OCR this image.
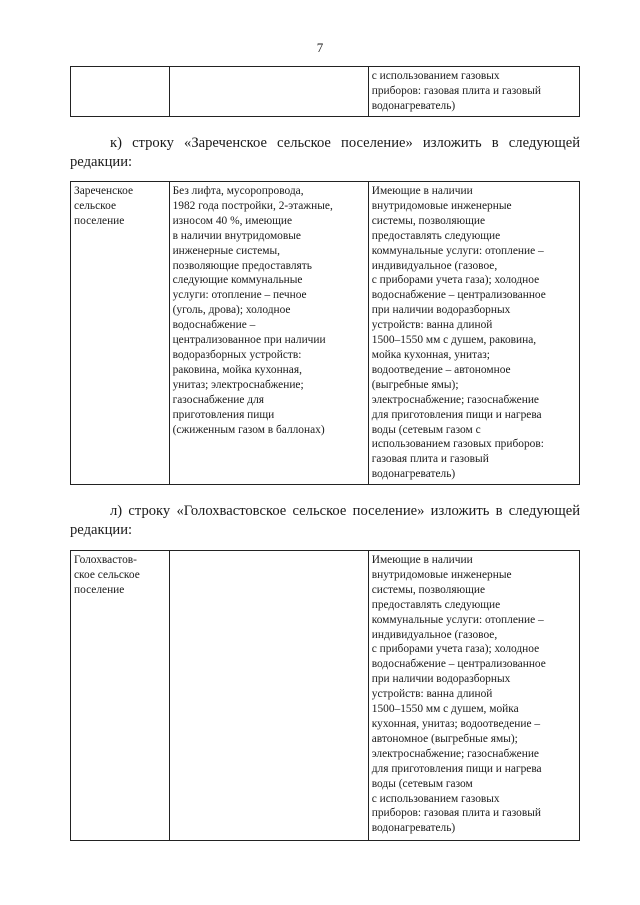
7
		с использованием газовых
приборов: газовая плита и газовый
водонагреватель)
к) строку «Зареченское сельское поселение» изложить в следующей
редакции:
Зареченское
сельское
поселение	Без лифта, мусоропровода,
1982 года постройки, 2-этажные,
износом 40 %, имеющие
в наличии внутридомовые
инженерные системы,
позволяющие предоставлять
следующие коммунальные
услуги: отопление – печное
(уголь, дрова); холодное
водоснабжение –
централизованное при наличии
водоразборных устройств:
раковина, мойка кухонная,
унитаз; электроснабжение;
газоснабжение для
приготовления пищи
(сжиженным газом в баллонах)	Имеющие в наличии
внутридомовые инженерные
системы, позволяющие
предоставлять следующие
коммунальные услуги: отопление –
индивидуальное (газовое,
с приборами учета газа); холодное
водоснабжение – централизованное
при наличии водоразборных
устройств: ванна длиной
1500–1550 мм с душем, раковина,
мойка кухонная, унитаз;
водоотведение – автономное
(выгребные ямы);
электроснабжение; газоснабжение
для приготовления пищи и нагрева
воды (сетевым газом с
использованием газовых приборов:
газовая плита и газовый
водонагреватель)
л) строку «Голохвастовское сельское поселение» изложить в следующей
редакции:
Голохвастов-
ское сельское
поселение		Имеющие в наличии
внутридомовые инженерные
системы, позволяющие
предоставлять следующие
коммунальные услуги: отопление –
индивидуальное (газовое,
с приборами учета газа); холодное
водоснабжение – централизованное
при наличии водоразборных
устройств: ванна длиной
1500–1550 мм с душем, мойка
кухонная, унитаз; водоотведение –
автономное (выгребные ямы);
электроснабжение; газоснабжение
для приготовления пищи и нагрева
воды (сетевым газом
с использованием газовых
приборов: газовая плита и газовый
водонагреватель)
